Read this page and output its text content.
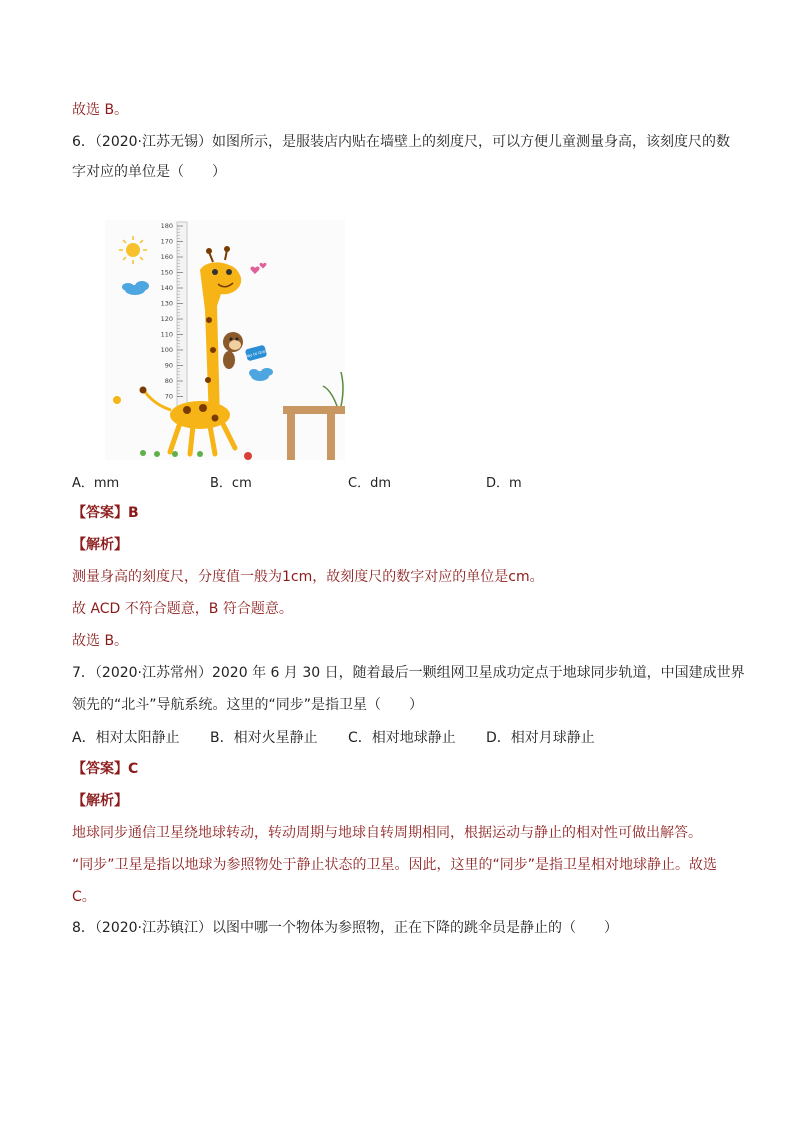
故选 B。
6．（2020·江苏无锡）如图所示，是服装店内贴在墙壁上的刻度尺，可以方便儿童测量身高，该刻度尺的数
字对应的单位是（　　）
180
170
160
150
140
130
120
110
100
90
80
70
Way to Grow
A．mm	B．cm	C．dm	D．m
【答案】B
【解析】
测量身高的刻度尺，分度值一般为1cm，故刻度尺的数字对应的单位是cm。
故 ACD 不符合题意，B 符合题意。
故选 B。
7．（2020·江苏常州）2020 年 6 月 30 日，随着最后一颗组网卫星成功定点于地球同步轨道，中国建成世界
领先的“北斗”导航系统。这里的“同步”是指卫星（　　）
A．相对太阳静止 B．相对火星静止 C．相对地球静止 D．相对月球静止
【答案】C
【解析】
地球同步通信卫星绕地球转动，转动周期与地球自转周期相同，根据运动与静止的相对性可做出解答。
“同步”卫星是指以地球为参照物处于静止状态的卫星。因此，这里的“同步”是指卫星相对地球静止。故选
C。
8．（2020·江苏镇江）以图中哪一个物体为参照物，正在下降的跳伞员是静止的（　　）
